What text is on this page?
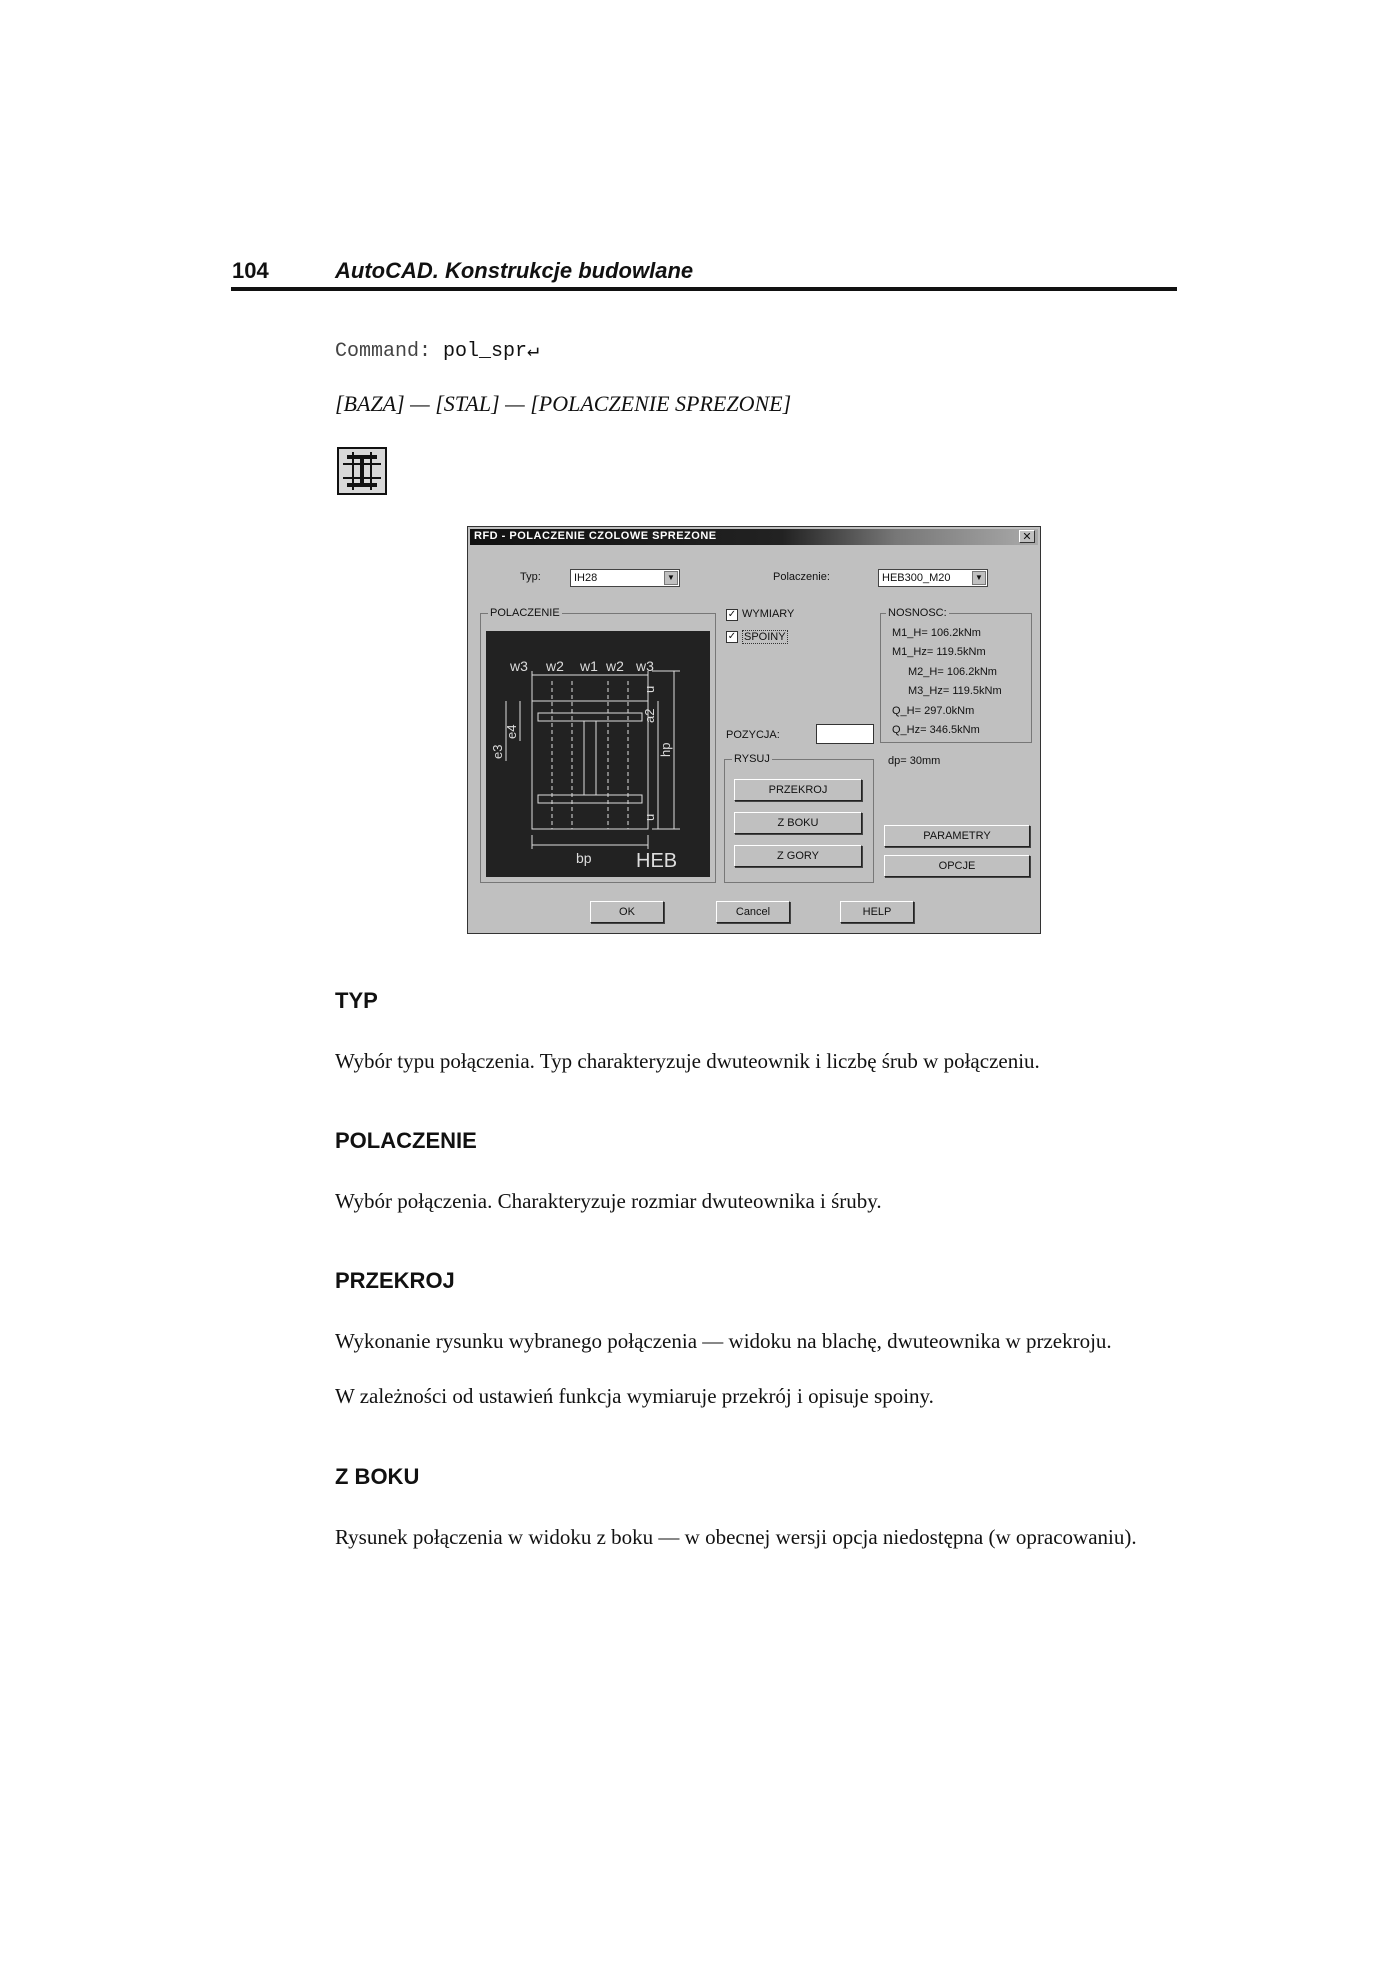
104	AutoCAD. Konstrukcje budowlane
Command: pol_spr↵
[BAZA] — [STAL] — [POLACZENIE SPREZONE]
RFD - POLACZENIE CZOLOWE SPREZONE	✕
Typ:	IH28	▼	Polaczenie:	HEB300_M20	▼
POLACZENIE
w3 w2 w1 w2 w3
e4
e3
a2
u
hp
u
bp HEB
✓ WYMIARY
✓ SPOINY
POZYCJA:
RYSUJ
PRZEKROJ
Z BOKU
Z GORY
NOSNOSC:
M1_H= 106.2kNm
M1_Hz= 119.5kNm
M2_H= 106.2kNm
M3_Hz= 119.5kNm
Q_H= 297.0kNm
Q_Hz= 346.5kNm
dp= 30mm
PARAMETRY
OPCJE
OK	Cancel	HELP
TYP
Wybór typu połączenia. Typ charakteryzuje dwuteownik i liczbę śrub w połączeniu.
POLACZENIE
Wybór połączenia. Charakteryzuje rozmiar dwuteownika i śruby.
PRZEKROJ
Wykonanie rysunku wybranego połączenia — widoku na blachę, dwuteownika w przekroju.
W zależności od ustawień funkcja wymiaruje przekrój i opisuje spoiny.
Z BOKU
Rysunek połączenia w widoku z boku — w obecnej wersji opcja niedostępna (w opracowaniu).
